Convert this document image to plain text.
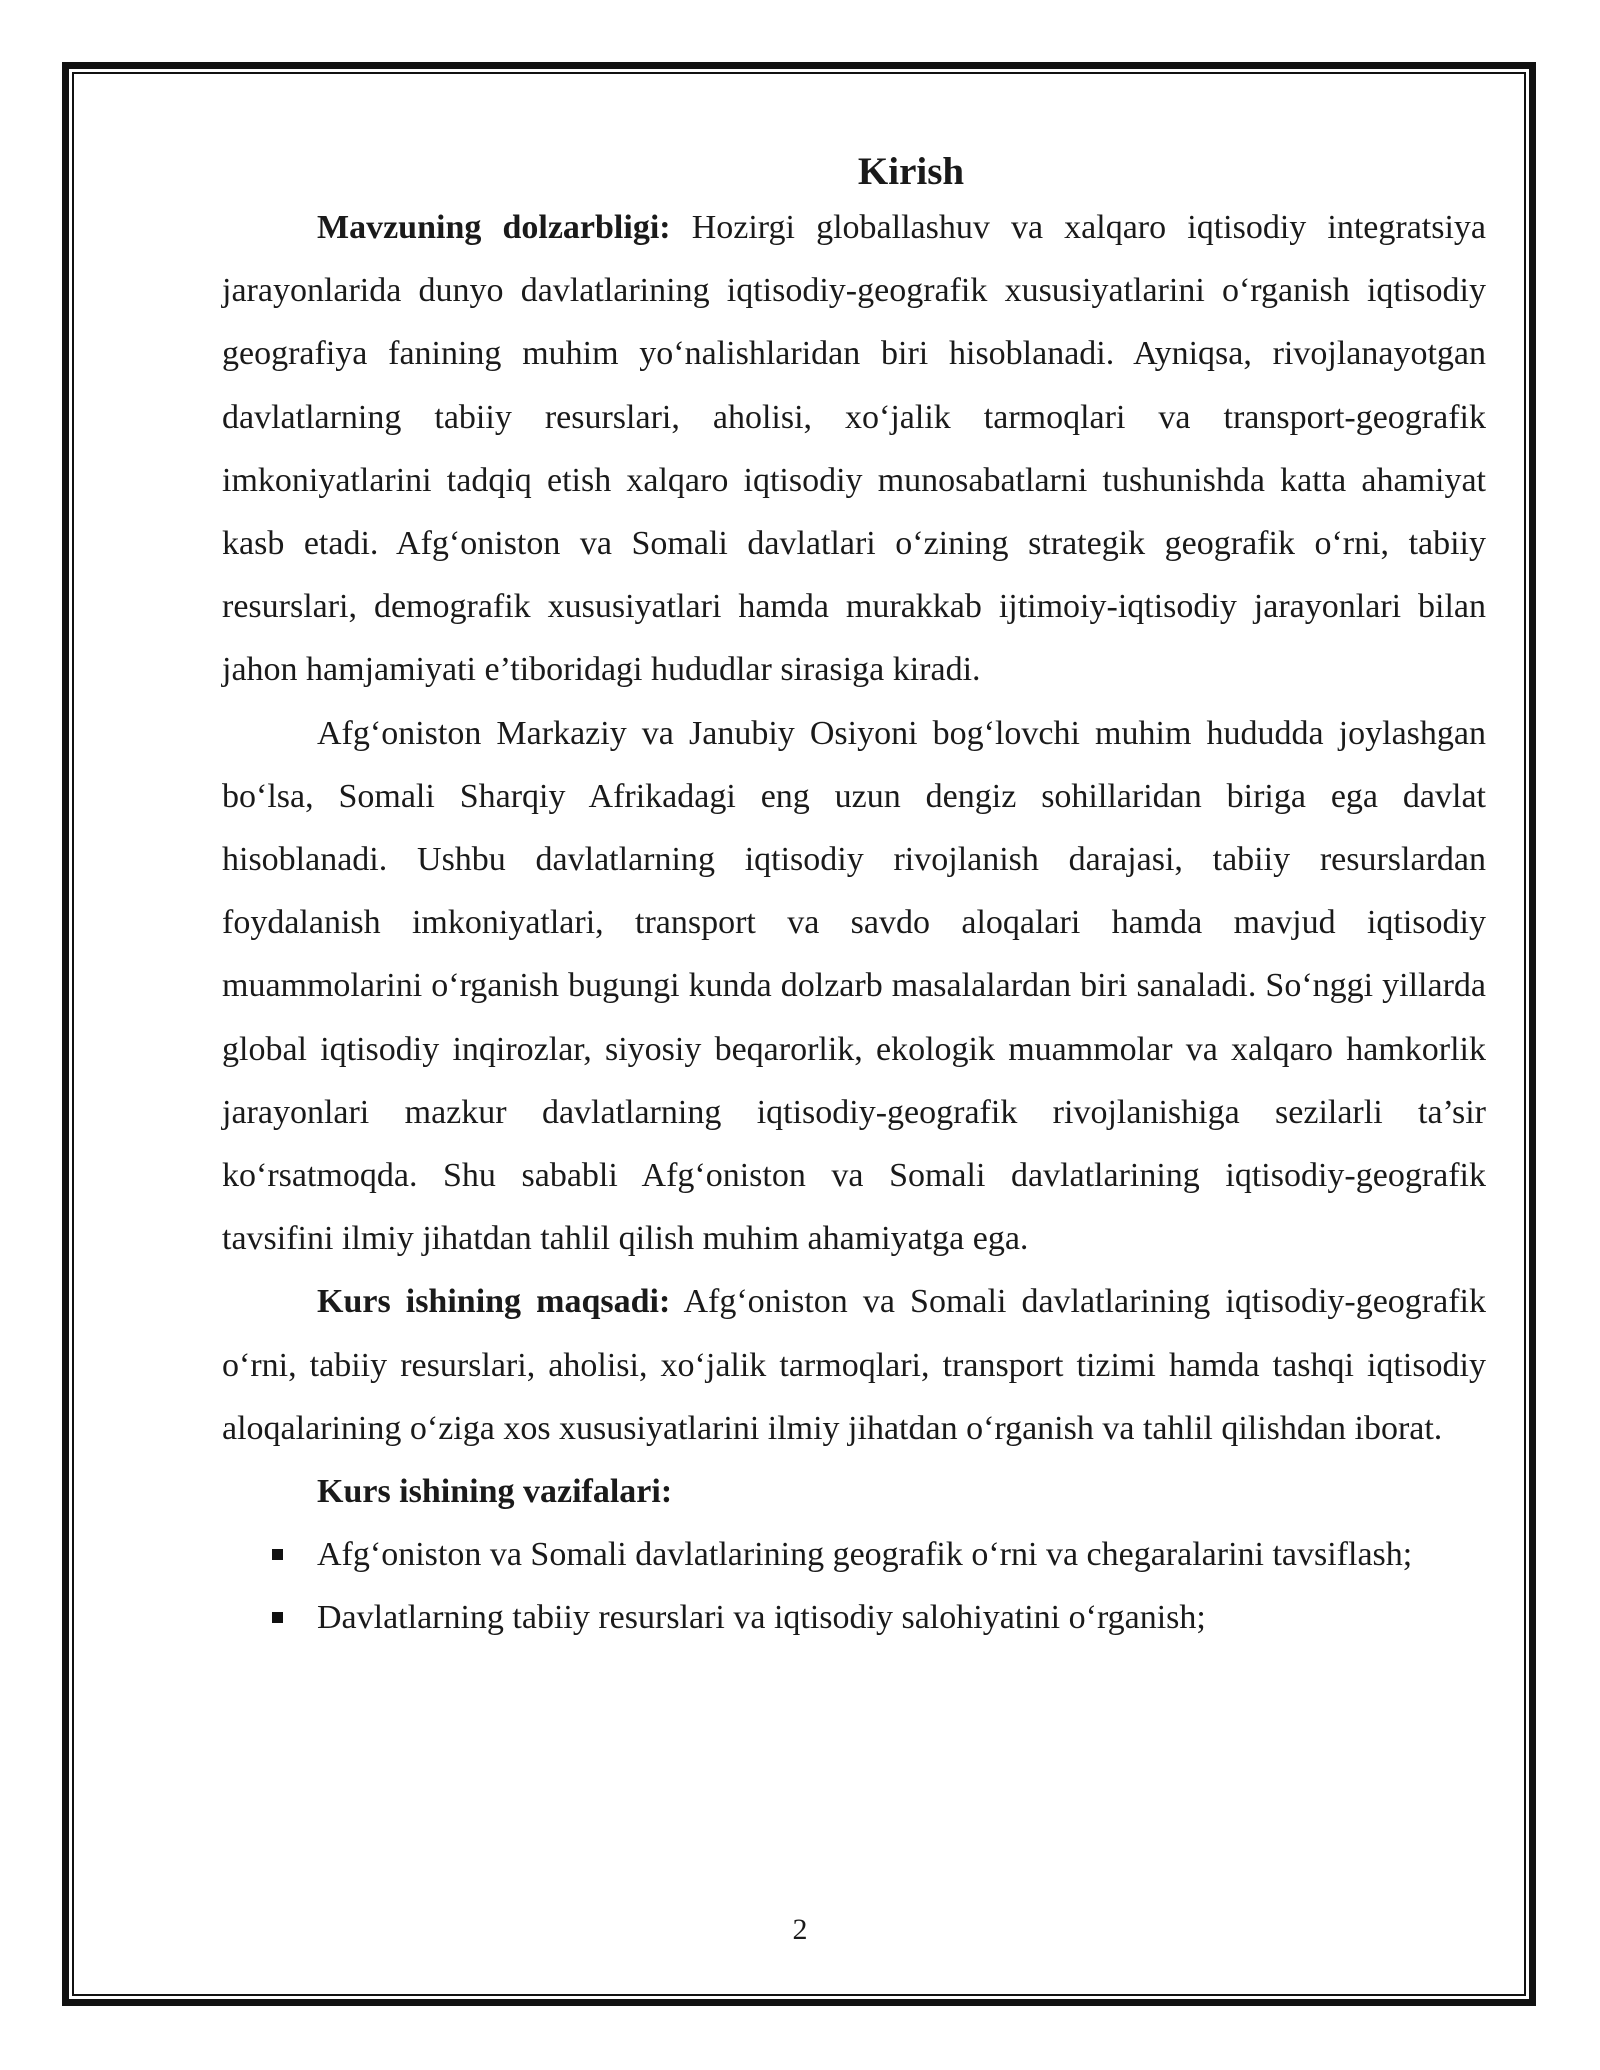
Kirish

Mavzuning dolzarbligi: Hozirgi globallashuv va xalqaro iqtisodiy integratsiya jarayonlarida dunyo davlatlarining iqtisodiy-geografik xususiyatlarini o‘rganish iqtisodiy geografiya fanining muhim yo‘nalishlaridan biri hisoblanadi. Ayniqsa, rivojlanayotgan davlatlarning tabiiy resurslari, aholisi, xo‘jalik tarmoqlari va transport-geografik imkoniyatlarini tadqiq etish xalqaro iqtisodiy munosabatlarni tushunishda katta ahamiyat kasb etadi. Afg‘oniston va Somali davlatlari o‘zining strategik geografik o‘rni, tabiiy resurslari, demografik xususiyatlari hamda murakkab ijtimoiy-iqtisodiy jarayonlari bilan jahon hamjamiyati e’tiboridagi hududlar sirasiga kiradi.

Afg‘oniston Markaziy va Janubiy Osiyoni bog‘lovchi muhim hududda joylashgan bo‘lsa, Somali Sharqiy Afrikadagi eng uzun dengiz sohillaridan biriga ega davlat hisoblanadi. Ushbu davlatlarning iqtisodiy rivojlanish darajasi, tabiiy resurslardan foydalanish imkoniyatlari, transport va savdo aloqalari hamda mavjud iqtisodiy muammolarini o‘rganish bugungi kunda dolzarb masalalardan biri sanaladi. So‘nggi yillarda global iqtisodiy inqirozlar, siyosiy beqarorlik, ekologik muammolar va xalqaro hamkorlik jarayonlari mazkur davlatlarning iqtisodiy-geografik rivojlanishiga sezilarli ta’sir ko‘rsatmoqda. Shu sababli Afg‘oniston va Somali davlatlarining iqtisodiy-geografik tavsifini ilmiy jihatdan tahlil qilish muhim ahamiyatga ega.

Kurs ishining maqsadi: Afg‘oniston va Somali davlatlarining iqtisodiy-geografik o‘rni, tabiiy resurslari, aholisi, xo‘jalik tarmoqlari, transport tizimi hamda tashqi iqtisodiy aloqalarining o‘ziga xos xususiyatlarini ilmiy jihatdan o‘rganish va tahlil qilishdan iborat.

Kurs ishining vazifalari:

Afg‘oniston va Somali davlatlarining geografik o‘rni va chegaralarini tavsiflash;
Davlatlarning tabiiy resurslari va iqtisodiy salohiyatini o‘rganish;
2
